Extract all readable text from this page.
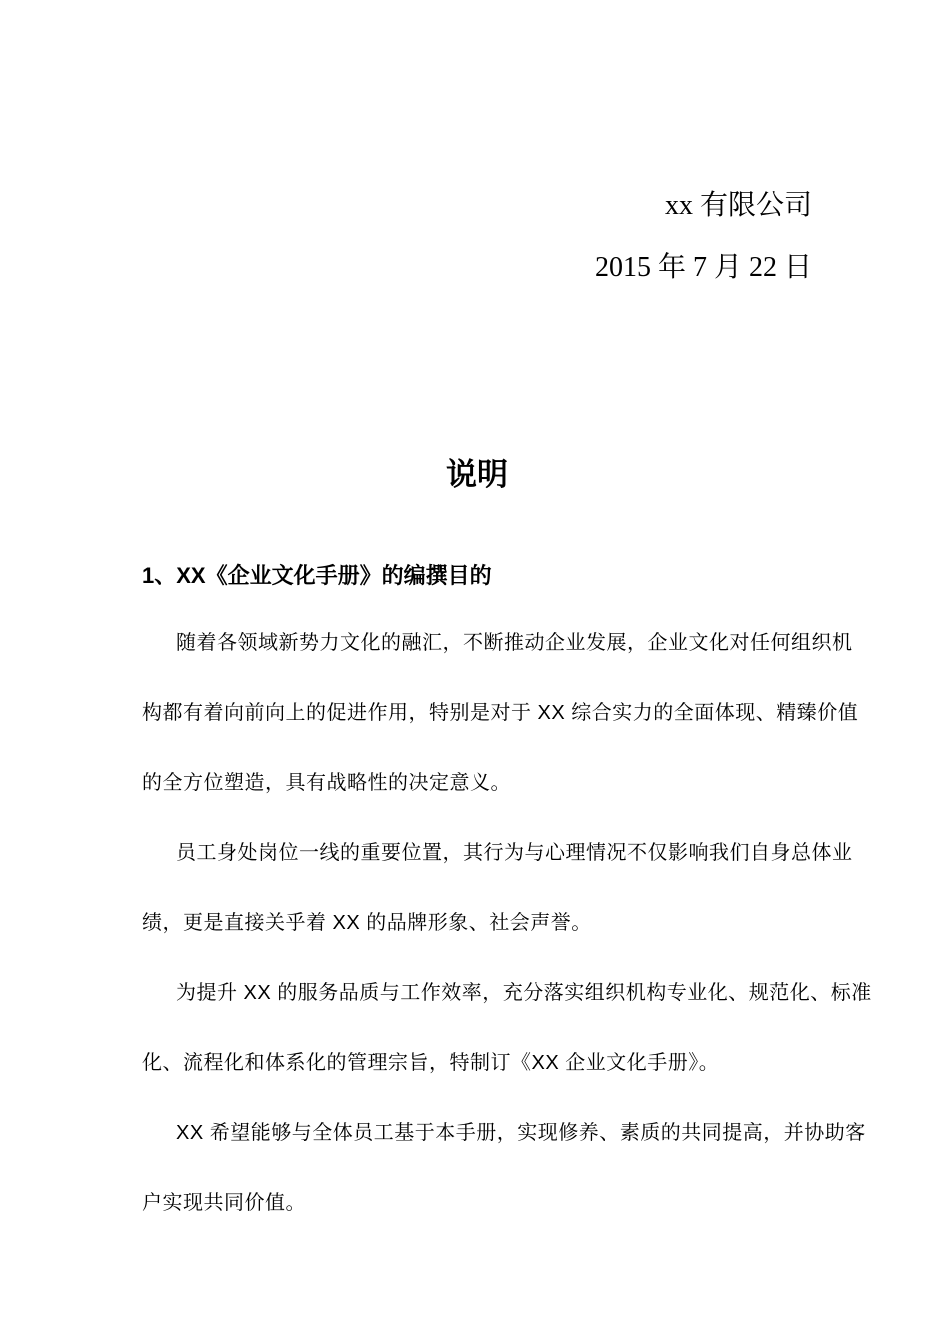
xx 有限公司
2015 年 7 月 22 日
说明
1、XX《企业文化手册》的编撰目的
随着各领域新势力文化的融汇，不断推动企业发展，企业文化对任何组织机
构都有着向前向上的促进作用，特别是对于 XX 综合实力的全面体现、精臻价值
的全方位塑造，具有战略性的决定意义。
员工身处岗位一线的重要位置，其行为与心理情况不仅影响我们自身总体业
绩，更是直接关乎着 XX 的品牌形象、社会声誉。
为提升 XX 的服务品质与工作效率，充分落实组织机构专业化、规范化、标准
化、流程化和体系化的管理宗旨，特制订《XX 企业文化手册》。
XX 希望能够与全体员工基于本手册，实现修养、素质的共同提高，并协助客
户实现共同价值。
